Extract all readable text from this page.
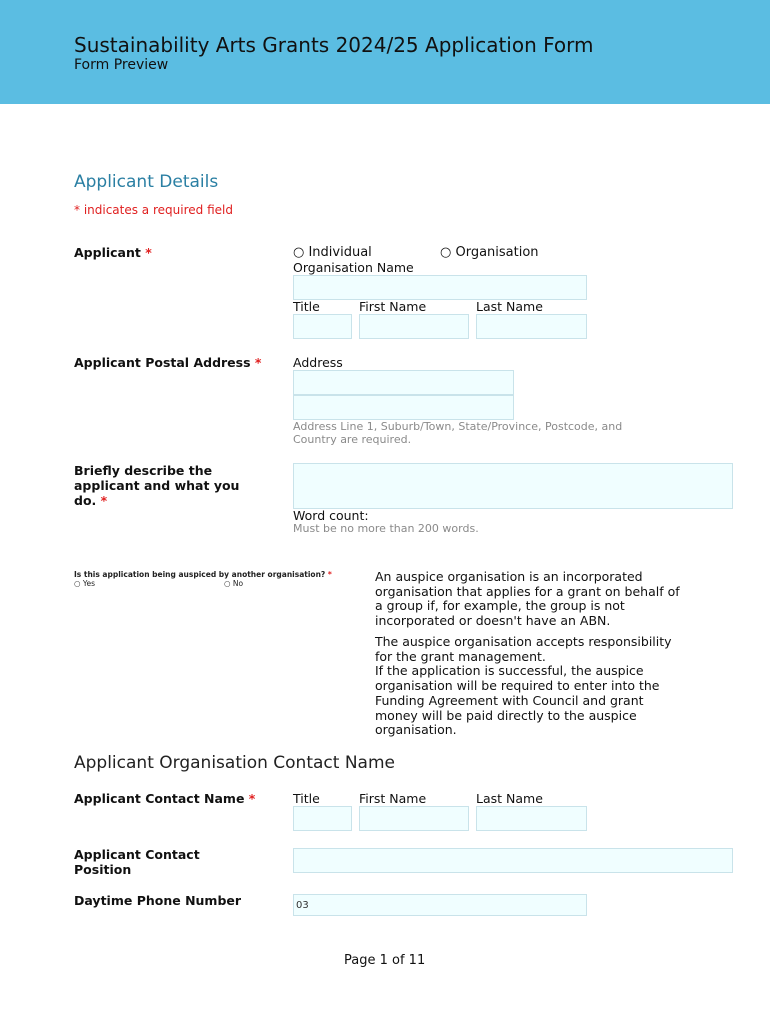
Sustainability Arts Grants 2024/25 Application Form
Form Preview
Applicant Details
* indicates a required field
Applicant *	○ Individual	○ Organisation
Organisation Name
Title	First Name	Last Name
Applicant Postal Address *	Address
Address Line 1, Suburb/Town, State/Province, Postcode, and Country are required.
Briefly describe the applicant and what you do. *
Word count:
Must be no more than 200 words.
Is this application being auspiced by another organisation? *
○ Yes	○ No	An auspice organisation is an incorporated organisation that applies for a grant on behalf of a group if, for example, the group is not incorporated or doesn't have an ABN.
The auspice organisation accepts responsibility for the grant management.
If the application is successful, the auspice organisation will be required to enter into the Funding Agreement with Council and grant money will be paid directly to the auspice organisation.
Applicant Organisation Contact Name
Applicant Contact Name *	Title	First Name	Last Name
Applicant Contact Position
Daytime Phone Number	03
Page 1 of 11
